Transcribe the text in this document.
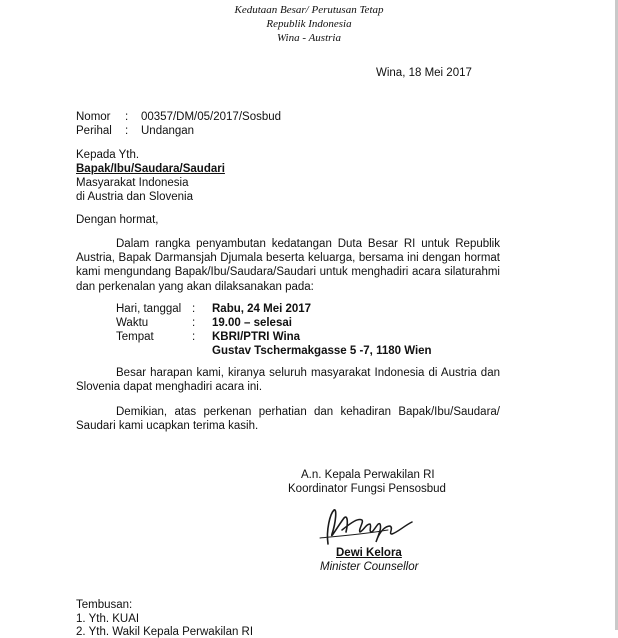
Kedutaan Besar/ Perutusan Tetap
Republik Indonesia
Wina - Austria
Wina, 18 Mei 2017
Nomor : 00357/DM/05/2017/Sosbud
Perihal : Undangan
Kepada Yth.
Bapak/Ibu/Saudara/Saudari
Masyarakat Indonesia
di Austria dan Slovenia
Dengan hormat,
Dalam rangka penyambutan kedatangan Duta Besar RI untuk Republik Austria, Bapak Darmansjah Djumala beserta keluarga, bersama ini dengan hormat kami mengundang Bapak/Ibu/Saudara/Saudari untuk menghadiri acara silaturahmi dan perkenalan yang akan dilaksanakan pada:
Hari, tanggal : Rabu, 24 Mei 2017
Waktu	: 19.00 – selesai
Tempat	: KBRI/PTRI Wina
Gustav Tschermakgasse 5 -7, 1180 Wien
Besar harapan kami, kiranya seluruh masyarakat Indonesia di Austria dan Slovenia dapat menghadiri acara ini.
Demikian, atas perkenan perhatian dan kehadiran Bapak/Ibu/Saudara/ Saudari kami ucapkan terima kasih.
A.n. Kepala Perwakilan RI
Koordinator Fungsi Pensosbud
Dewi Kelora
Minister Counsellor
Tembusan:
1. Yth. KUAI
2. Yth. Wakil Kepala Perwakilan RI
